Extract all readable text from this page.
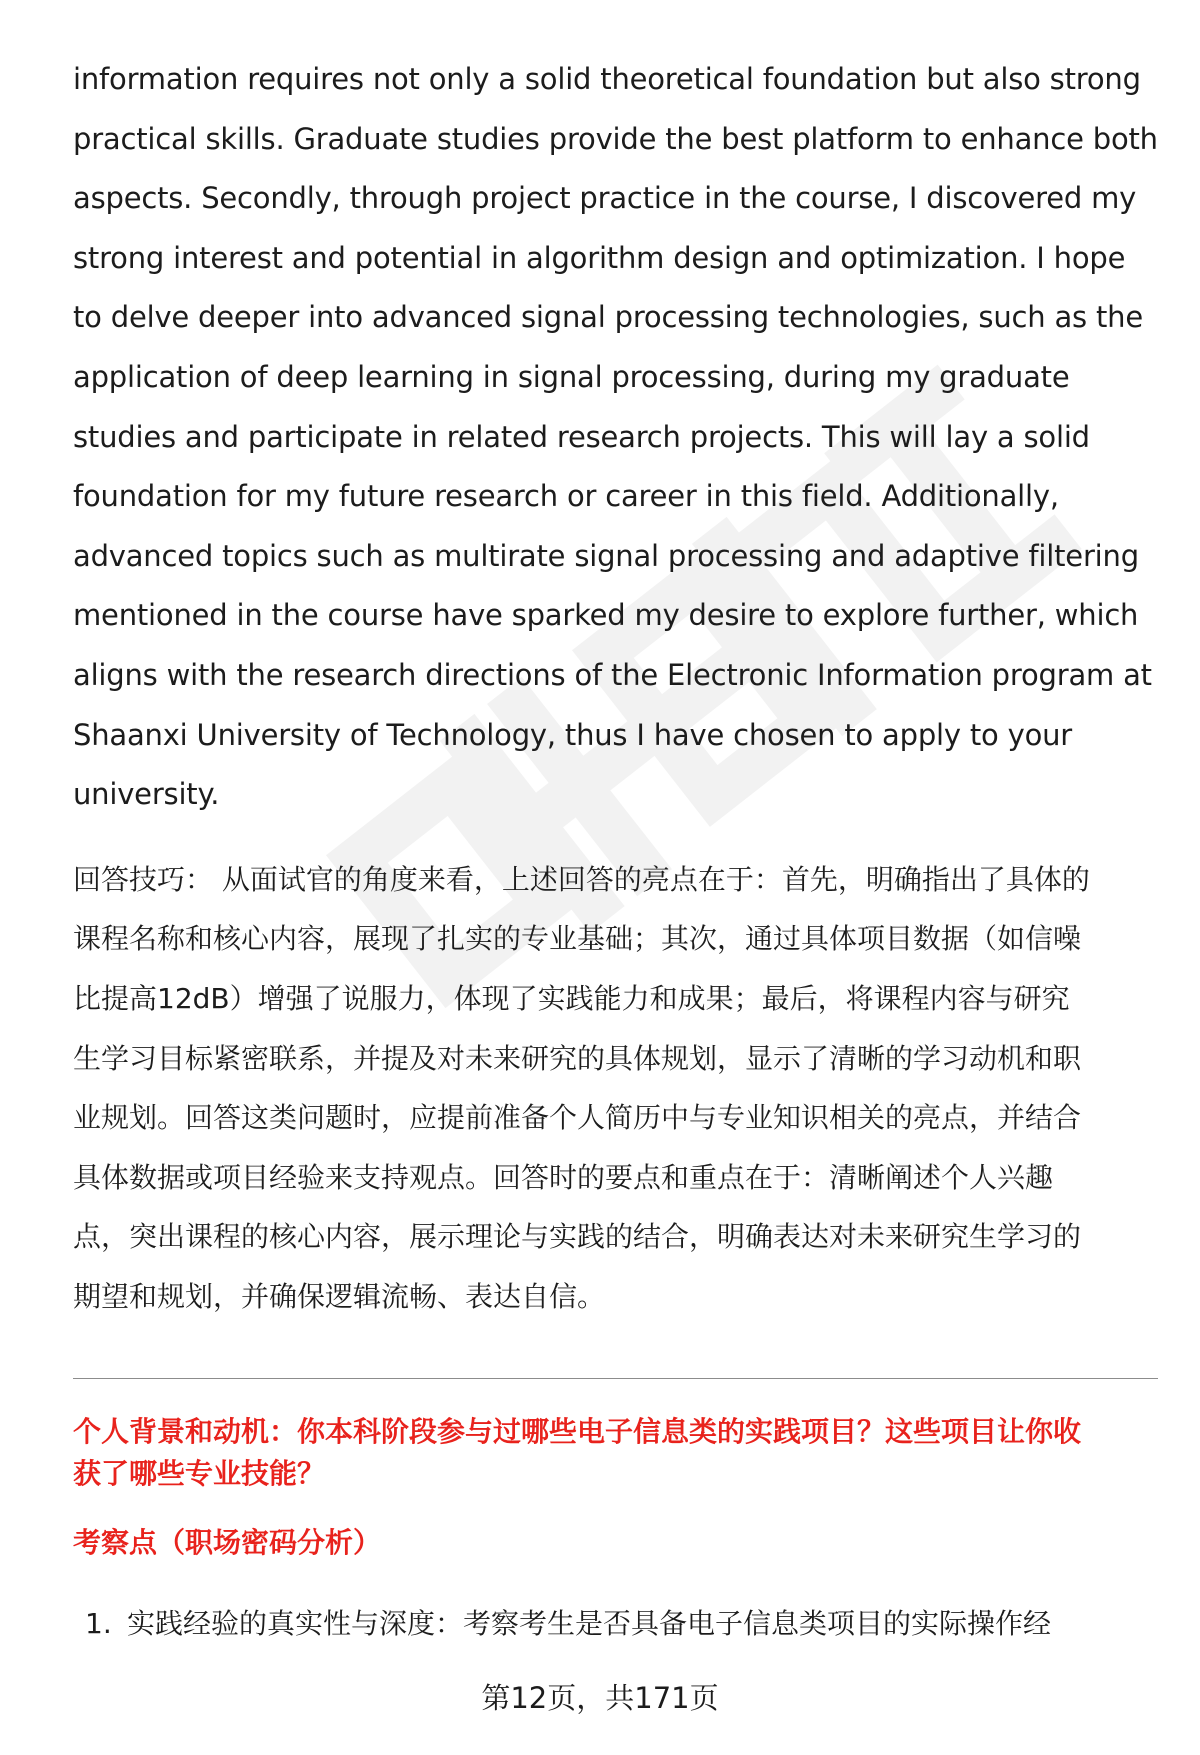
information requires not only a solid theoretical foundation but also strong
practical skills. Graduate studies provide the best platform to enhance both
aspects. Secondly, through project practice in the course, I discovered my
strong interest and potential in algorithm design and optimization. I hope
to delve deeper into advanced signal processing technologies, such as the
application of deep learning in signal processing, during my graduate
studies and participate in related research projects. This will lay a solid
foundation for my future research or career in this field. Additionally,
advanced topics such as multirate signal processing and adaptive filtering
mentioned in the course have sparked my desire to explore further, which
aligns with the research directions of the Electronic Information program at
Shaanxi University of Technology, thus I have chosen to apply to your
university.

回答技巧： 从面试官的角度来看，上述回答的亮点在于：首先，明确指出了具体的
课程名称和核心内容，展现了扎实的专业基础；其次，通过具体项目数据（如信噪
比提高12dB）增强了说服力，体现了实践能力和成果；最后，将课程内容与研究
生学习目标紧密联系，并提及对未来研究的具体规划，显示了清晰的学习动机和职
业规划。回答这类问题时，应提前准备个人简历中与专业知识相关的亮点，并结合
具体数据或项目经验来支持观点。回答时的要点和重点在于：清晰阐述个人兴趣
点，突出课程的核心内容，展示理论与实践的结合，明确表达对未来研究生学习的
期望和规划，并确保逻辑流畅、表达自信。

个人背景和动机：你本科阶段参与过哪些电子信息类的实践项目？这些项目让你收
获了哪些专业技能？
考察点（职场密码分析）
1. 实践经验的真实性与深度：考察考生是否具备电子信息类项目的实际操作经
第12页，共171页
